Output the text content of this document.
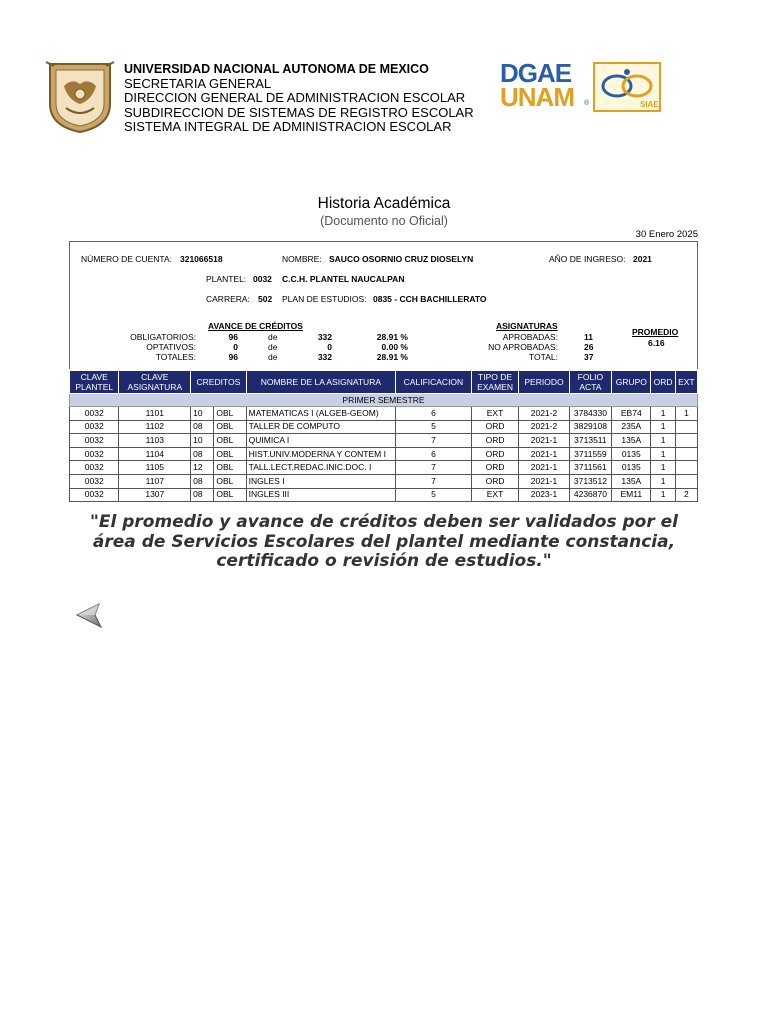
UNIVERSIDAD NACIONAL AUTONOMA DE MEXICO
SECRETARIA GENERAL
DIRECCION GENERAL DE ADMINISTRACION ESCOLAR
SUBDIRECCION DE SISTEMAS DE REGISTRO ESCOLAR
SISTEMA INTEGRAL DE ADMINISTRACION ESCOLAR
DGAE
UNAM ®	SIAE
Historia Académica
(Documento no Oficial)
30 Enero 2025
NÚMERO DE CUENTA: 321066518	NOMBRE: SAUCO OSORNIO CRUZ DIOSELYN	AÑO DE INGRESO: 2021
PLANTEL: 0032 C.C.H. PLANTEL NAUCALPAN
CARRERA: 502 PLAN DE ESTUDIOS: 0835 - CCH BACHILLERATO
AVANCE DE CRÉDITOS
OBLIGATORIOS:	96	de	332	28.91 %
OPTATIVOS:	0	de	0	0.00 %
TOTALES:	96	de	332	28.91 %
ASIGNATURAS
APROBADAS:	11
NO APROBADAS:	26
TOTAL:	37
PROMEDIO
6.16
CLAVE PLANTEL	CLAVE ASIGNATURA	CREDITOS		NOMBRE DE LA ASIGNATURA	CALIFICACION	TIPO DE EXAMEN	PERIODO	FOLIO ACTA	GRUPO	ORD	EXT
PRIMER SEMESTRE											
0032	1101	10	OBL	MATEMATICAS I (ALGEB-GEOM)	6	EXT	2021-2	3784330	EB74	1	1
0032	1102	08	OBL	TALLER DE COMPUTO	5	ORD	2021-2	3829108	235A	1	
0032	1103	10	OBL	QUIMICA I	7	ORD	2021-1	3713511	135A	1	
0032	1104	08	OBL	HIST.UNIV.MODERNA Y CONTEM I	6	ORD	2021-1	3711559	0135	1	
0032	1105	12	OBL	TALL.LECT.REDAC.INIC.DOC. I	7	ORD	2021-1	3711561	0135	1	
0032	1107	08	OBL	INGLES I	7	ORD	2021-1	3713512	135A	1	
0032	1307	08	OBL	INGLES III	5	EXT	2023-1	4236870	EM11	1	2
"El promedio y avance de créditos deben ser validados por el área de Servicios Escolares del plantel mediante constancia, certificado o revisión de estudios."
